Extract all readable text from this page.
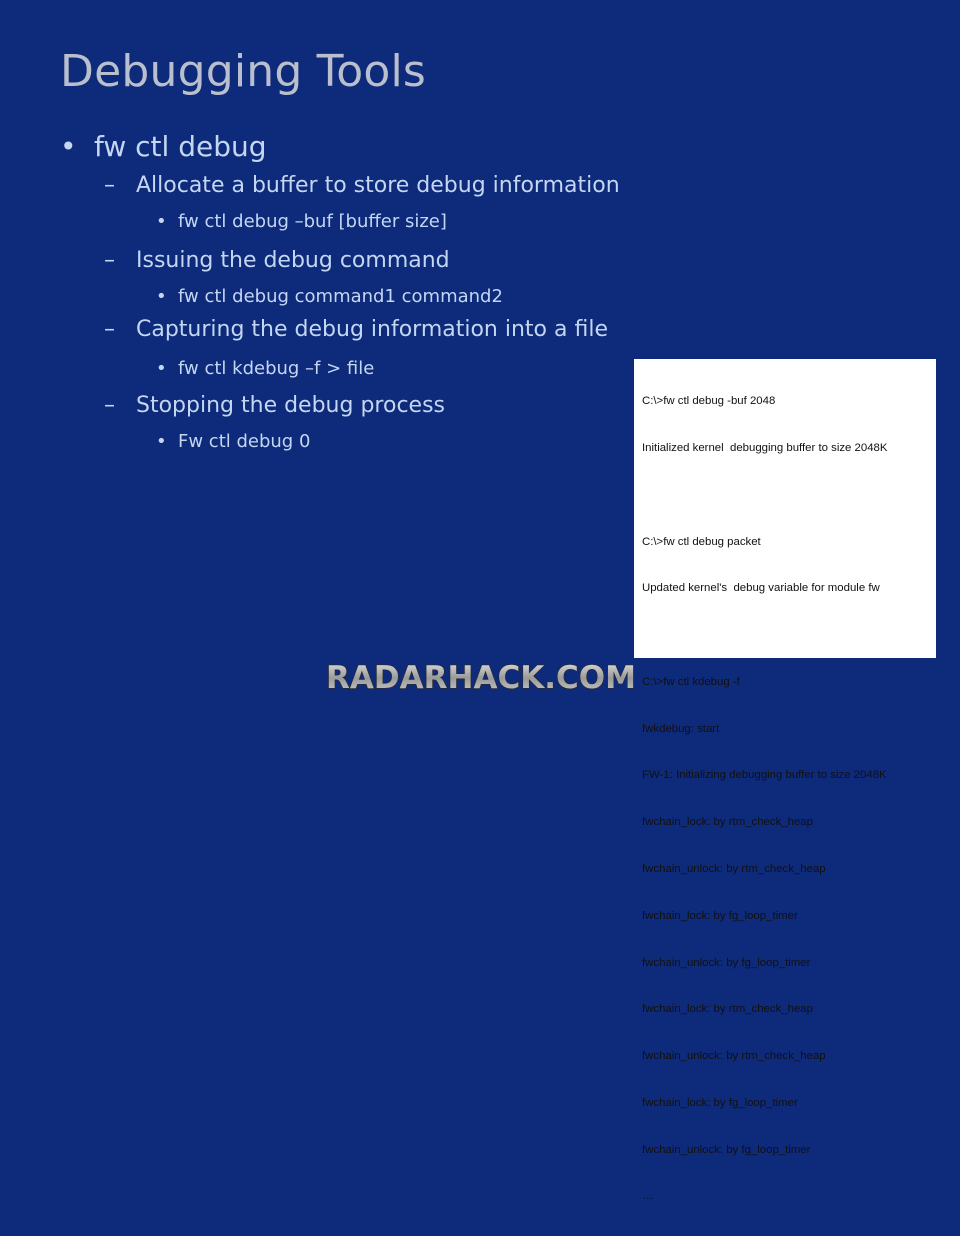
Debugging Tools
• fw ctl debug
– Allocate a buffer to store debug information
• fw ctl debug –buf [buffer size]
– Issuing the debug command
• fw ctl debug command1 command2
– Capturing the debug information into a file
• fw ctl kdebug –f > file
– Stopping the debug process
• Fw ctl debug 0

C:\>fw ctl debug -buf 2048

Initialized kernel  debugging buffer to size 2048K

C:\>fw ctl debug packet

Updated kernel's  debug variable for module fw

C:\>fw ctl kdebug -f

fwkdebug: start

FW-1: Initializing debugging buffer to size 2048K

fwchain_lock: by rtm_check_heap

fwchain_unlock: by rtm_check_heap

fwchain_lock: by fg_loop_timer

fwchain_unlock: by fg_loop_timer

fwchain_lock: by rtm_check_heap

fwchain_unlock: by rtm_check_heap

fwchain_lock: by fg_loop_timer

fwchain_unlock: by fg_loop_timer

…

RADARHACK.COM
